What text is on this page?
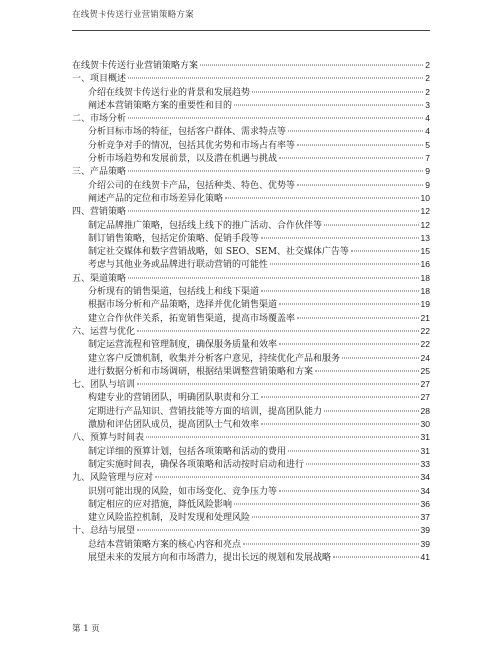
在线贺卡传送行业营销策略方案
在线贺卡传送行业营销策略方案	2
一、项目概述	2
介绍在线贺卡传送行业的背景和发展趋势	2
阐述本营销策略方案的重要性和目的	3
二、市场分析	4
分析目标市场的特征，包括客户群体、需求特点等	4
分析竞争对手的情况，包括其优劣势和市场占有率等	5
分析市场趋势和发展前景，以及潜在机遇与挑战	7
三、产品策略	9
介绍公司的在线贺卡产品，包括种类、特色、优势等	9
阐述产品的定位和市场差异化策略	10
四、营销策略	12
制定品牌推广策略，包括线上线下的推广活动、合作伙伴等	12
制订销售策略，包括定价策略、促销手段等	13
制定社交媒体和数字营销战略，如 SEO、SEM、社交媒体广告等	15
考虑与其他业务或品牌进行联动营销的可能性	16
五、渠道策略	18
分析现有的销售渠道，包括线上和线下渠道	18
根据市场分析和产品策略，选择并优化销售渠道	19
建立合作伙伴关系，拓宽销售渠道，提高市场覆盖率	21
六、运营与优化	22
制定运营流程和管理制度，确保服务质量和效率	22
建立客户反馈机制，收集并分析客户意见，持续优化产品和服务	24
进行数据分析和市场调研，根据结果调整营销策略和方案	25
七、团队与培训	27
构建专业的营销团队，明确团队职责和分工	27
定期进行产品知识、营销技能等方面的培训，提高团队能力	28
激励和评估团队成员，提高团队士气和效率	30
八、预算与时间表	31
制定详细的预算计划，包括各项策略和活动的费用	31
制定实施时间表，确保各项策略和活动按时启动和进行	33
九、风险管理与应对	34
识别可能出现的风险，如市场变化、竞争压力等	34
制定相应的应对措施，降低风险影响	36
建立风险监控机制，及时发现和处理风险	37
十、总结与展望	39
总结本营销策略方案的核心内容和亮点	39
展望未来的发展方向和市场潜力，提出长远的规划和发展战略	41
第 1 页
